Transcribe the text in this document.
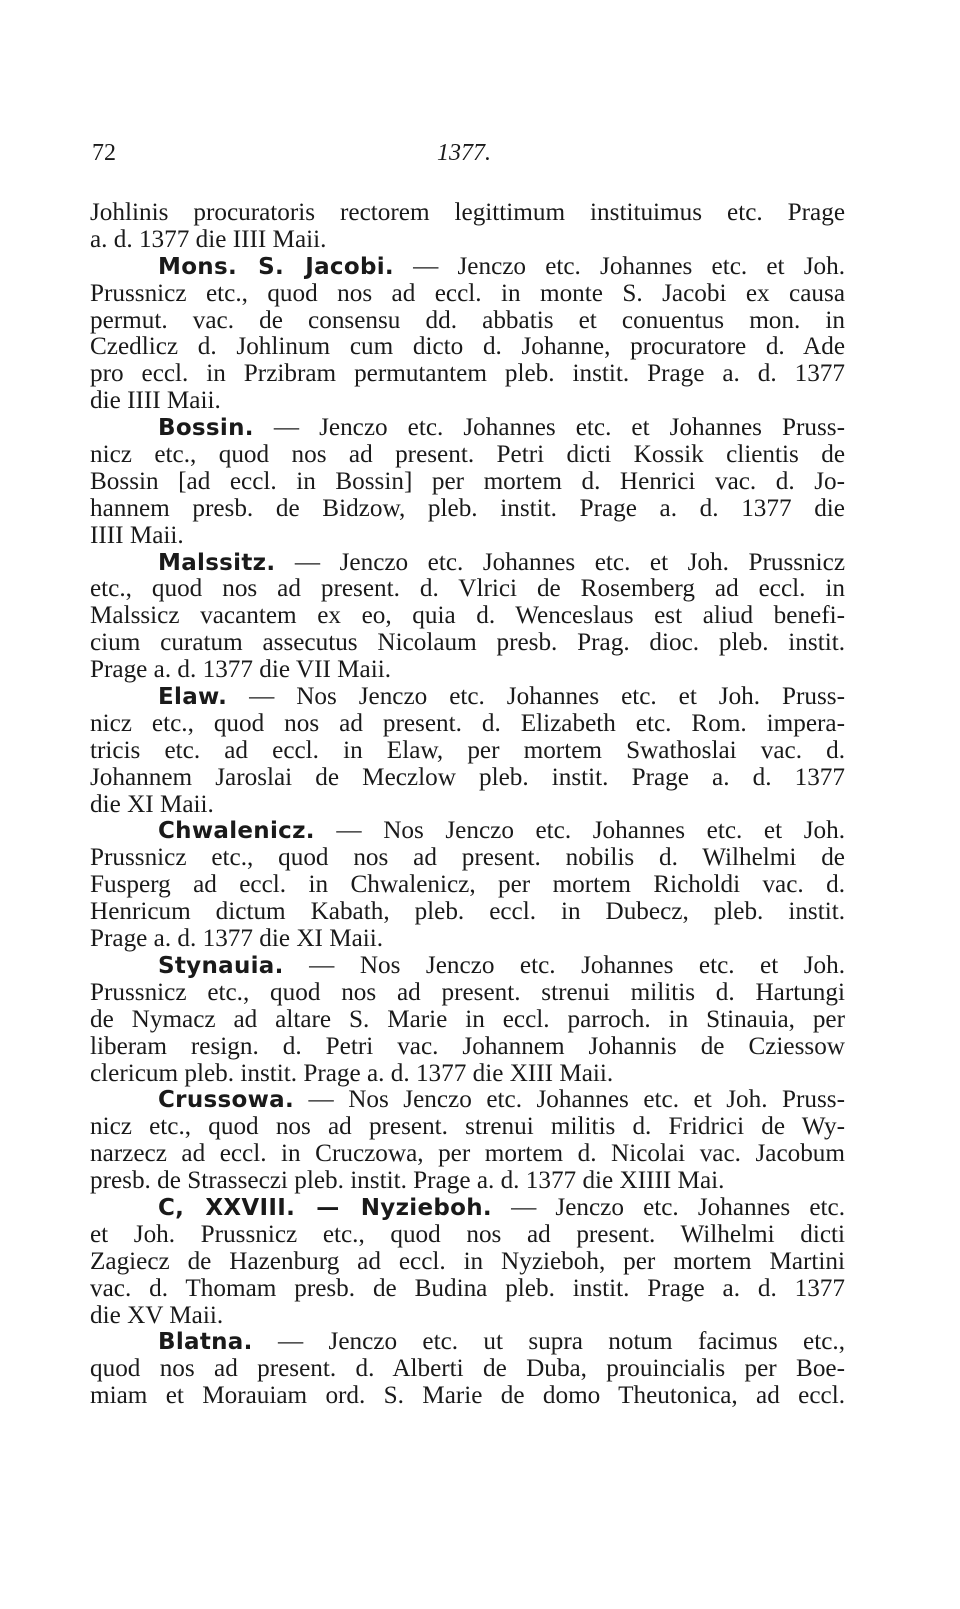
72	1377.
Johlinis procuratoris rectorem legittimum instituimus etc. Prage
a. d. 1377 die IIII Maii.
Mons. S. Jacobi. — Jenczo etc. Johannes etc. et Joh.
Prussnicz etc., quod nos ad eccl. in monte S. Jacobi ex causa
permut. vac. de consensu dd. abbatis et conuentus mon. in
Czedlicz d. Johlinum cum dicto d. Johanne, procuratore d. Ade
pro eccl. in Przibram permutantem pleb. instit. Prage a. d. 1377
die IIII Maii.
Bossin. — Jenczo etc. Johannes etc. et Johannes Pruss-
nicz etc., quod nos ad present. Petri dicti Kossik clientis de
Bossin [ad eccl. in Bossin] per mortem d. Henrici vac. d. Jo-
hannem presb. de Bidzow, pleb. instit. Prage a. d. 1377 die
IIII Maii.
Malssitz. — Jenczo etc. Johannes etc. et Joh. Prussnicz
etc., quod nos ad present. d. Vlrici de Rosemberg ad eccl. in
Malssicz vacantem ex eo, quia d. Wenceslaus est aliud benefi-
cium curatum assecutus Nicolaum presb. Prag. dioc. pleb. instit.
Prage a. d. 1377 die VII Maii.
Elaw. — Nos Jenczo etc. Johannes etc. et Joh. Pruss-
nicz etc., quod nos ad present. d. Elizabeth etc. Rom. impera-
tricis etc. ad eccl. in Elaw, per mortem Swathoslai vac. d.
Johannem Jaroslai de Meczlow pleb. instit. Prage a. d. 1377
die XI Maii.
Chwalenicz. — Nos Jenczo etc. Johannes etc. et Joh.
Prussnicz etc., quod nos ad present. nobilis d. Wilhelmi de
Fusperg ad eccl. in Chwalenicz, per mortem Richoldi vac. d.
Henricum dictum Kabath, pleb. eccl. in Dubecz, pleb. instit.
Prage a. d. 1377 die XI Maii.
Stynauia. — Nos Jenczo etc. Johannes etc. et Joh.
Prussnicz etc., quod nos ad present. strenui militis d. Hartungi
de Nymacz ad altare S. Marie in eccl. parroch. in Stinauia, per
liberam resign. d. Petri vac. Johannem Johannis de Cziessow
clericum pleb. instit. Prage a. d. 1377 die XIII Maii.
Crussowa. — Nos Jenczo etc. Johannes etc. et Joh. Pruss-
nicz etc., quod nos ad present. strenui militis d. Fridrici de Wy-
narzecz ad eccl. in Cruczowa, per mortem d. Nicolai vac. Jacobum
presb. de Strasseczi pleb. instit. Prage a. d. 1377 die XIIII Mai.
C, XXVIII. — Nyzieboh. — Jenczo etc. Johannes etc.
et Joh. Prussnicz etc., quod nos ad present. Wilhelmi dicti
Zagiecz de Hazenburg ad eccl. in Nyzieboh, per mortem Martini
vac. d. Thomam presb. de Budina pleb. instit. Prage a. d. 1377
die XV Maii.
Blatna. — Jenczo etc. ut supra notum facimus etc.,
quod nos ad present. d. Alberti de Duba, prouincialis per Boe-
miam et Morauiam ord. S. Marie de domo Theutonica, ad eccl.
